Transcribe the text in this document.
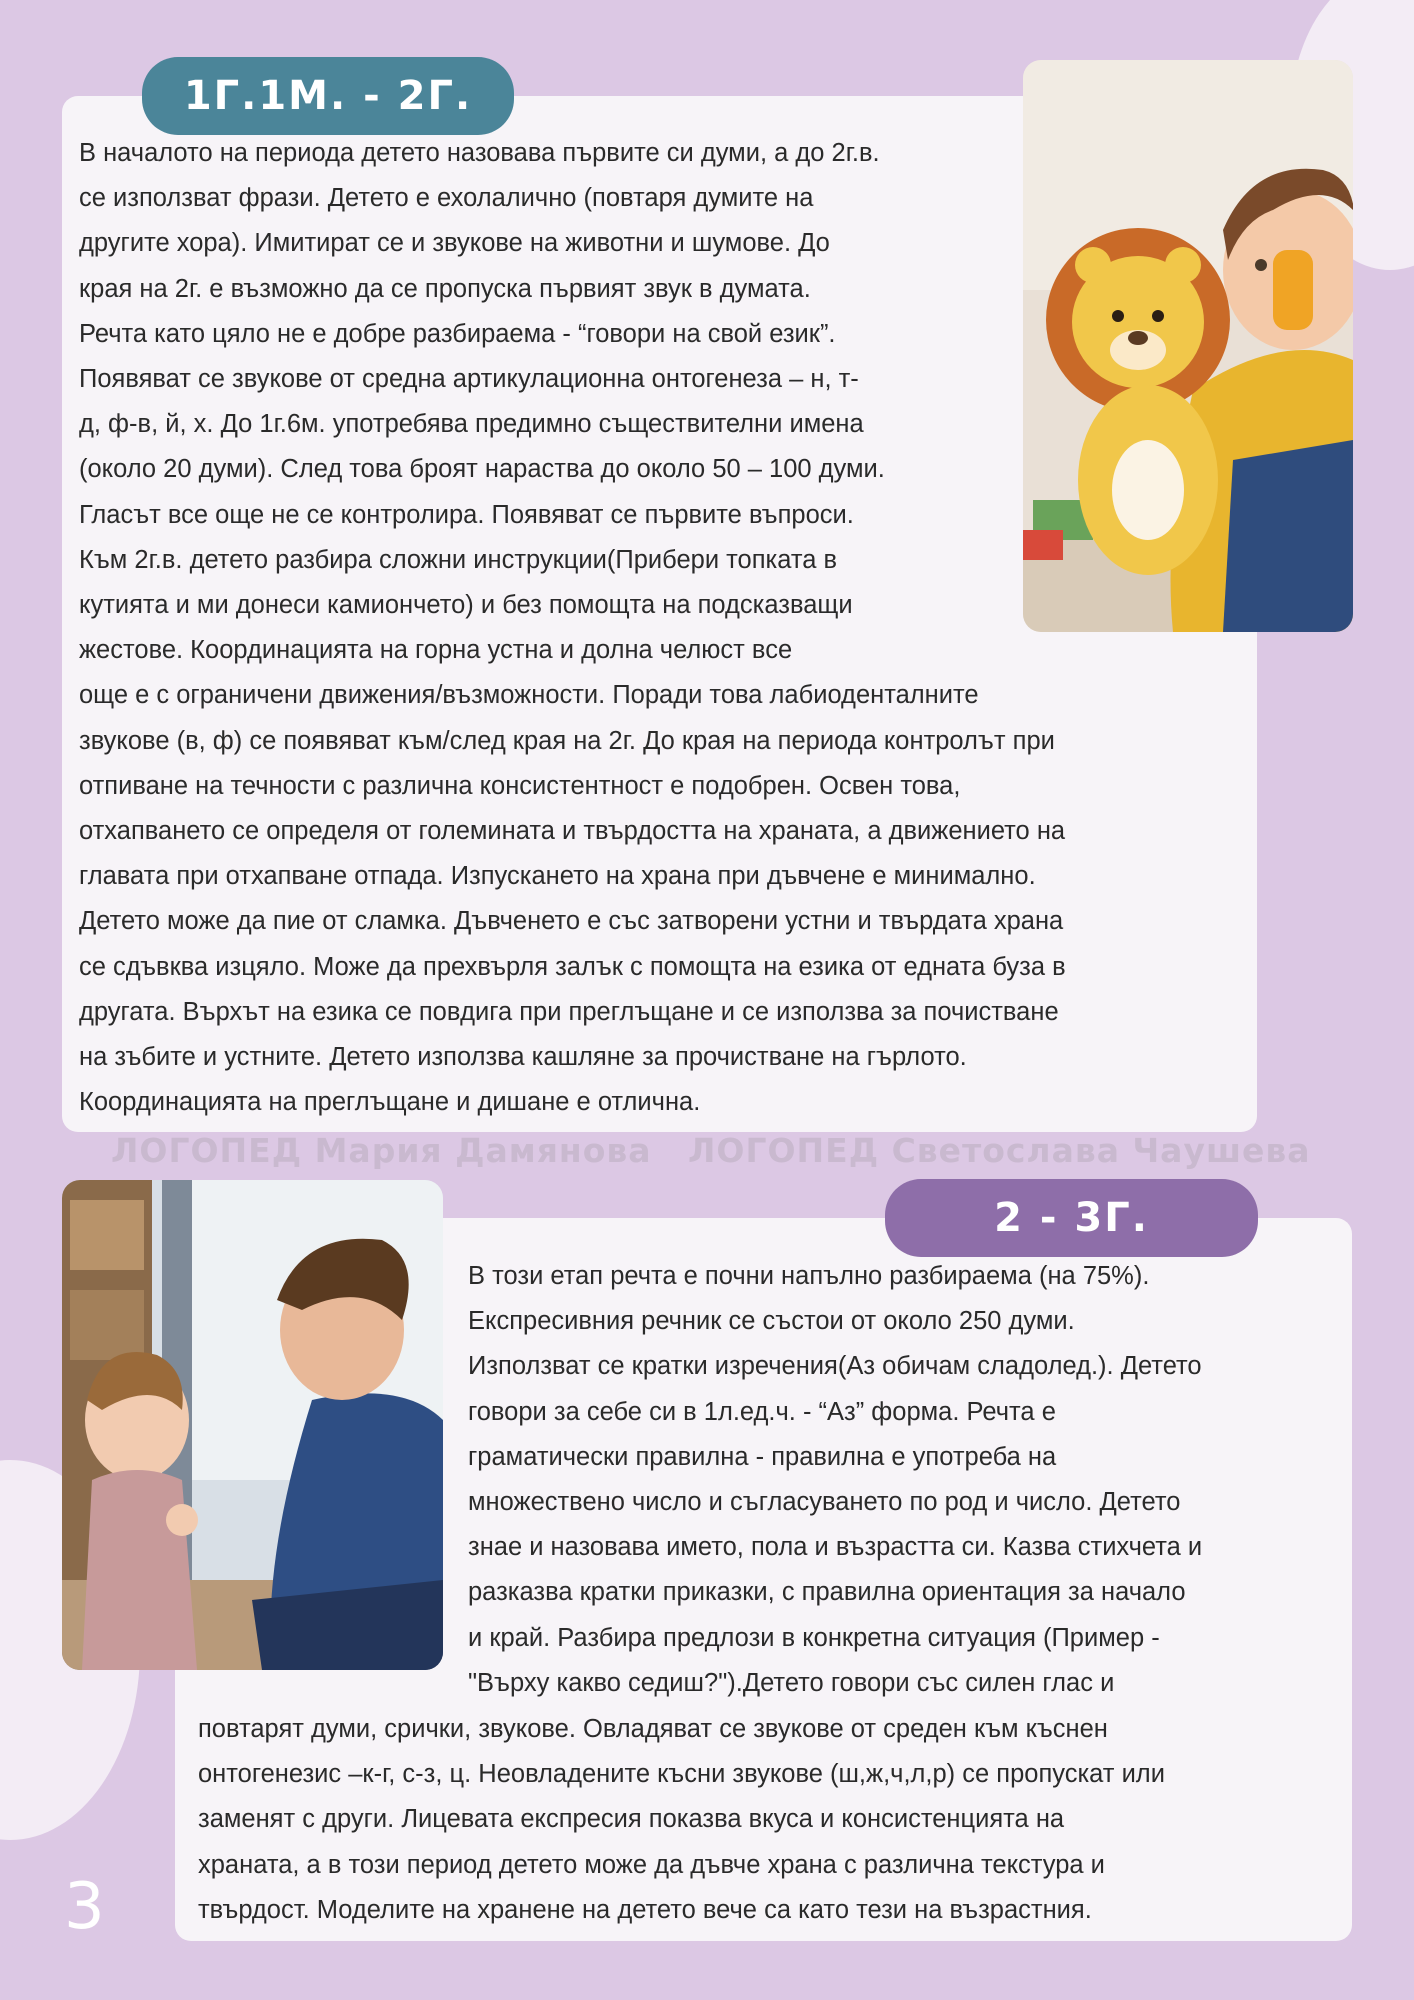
1Г.1М. - 2Г.
2 - 3Г.
В началото на периода детето назовава първите си думи, а до 2г.в.
се използват фрази. Детето е ехолалично (повтаря думите на
другите хора). Имитират се и звукове на животни и шумове. До
края на 2г. е възможно да се пропуска първият звук в думата.
Речта като цяло не е добре разбираема - “говори на свой език”.
Появяват се звукове от средна артикулационна онтогенеза – н, т-
д, ф-в, й, х. До 1г.6м. употребява предимно съществителни имена
(около 20 думи). След това броят нараства до около 50 – 100 думи.
Гласът все още не се контролира. Появяват се първите въпроси.
Към 2г.в. детето разбира сложни инструкции(Прибери топката в
кутията и ми донеси камиончето) и без помощта на подсказващи
жестове. Координацията на горна устна и долна челюст все
още е с ограничени движения/възможности. Поради това лабиоденталните
звукове (в, ф) се появяват към/след края на 2г. До края на периода контролът при
отпиване на течности с различна консистентност е подобрен. Освен това,
отхапването се определя от големината и твърдостта на храната, а движението на
главата при отхапване отпада. Изпускането на храна при дъвчене е минимално.
Детето може да пие от сламка. Дъвченето е със затворени устни и твърдата храна
се сдъвква изцяло. Може да прехвърля залък с помощта на езика от едната буза в
другата. Върхът на езика се повдига при преглъщане и се използва за почистване
на зъбите и устните. Детето използва кашляне за прочистване на гърлото.
Координацията на преглъщане и дишане е отлична.
ЛОГОПЕД Мария Дамянова ЛОГОПЕД Светослава Чаушева
В този етап речта е почни напълно разбираема (на 75%).
Експресивния речник се състои от около 250 думи.
Използват се кратки изречения(Аз обичам сладолед.). Детето
говори за себе си в 1л.ед.ч. - “Аз” форма. Речта е
граматически правилна - правилна е употреба на
множествено число и съгласуването по род и число. Детето
знае и назовава името, пола и възрастта си. Казва стихчета и
разказва кратки приказки, с правилна ориентация за начало
и край. Разбира предлози в конкретна ситуация (Пример -
"Върху какво седиш?").Детето говори със силен глас и
повтарят думи, срички, звукове. Овладяват се звукове от среден към къснен
онтогенезис –к-г, с-з, ц. Неовладените късни звукове (ш,ж,ч,л,р) се пропускат или
заменят с други. Лицевата експресия показва вкуса и консистенцията на
храната, а в този период детето може да дъвче храна с различна текстура и
твърдост. Моделите на хранене на детето вече са като тези на възрастния.
3
